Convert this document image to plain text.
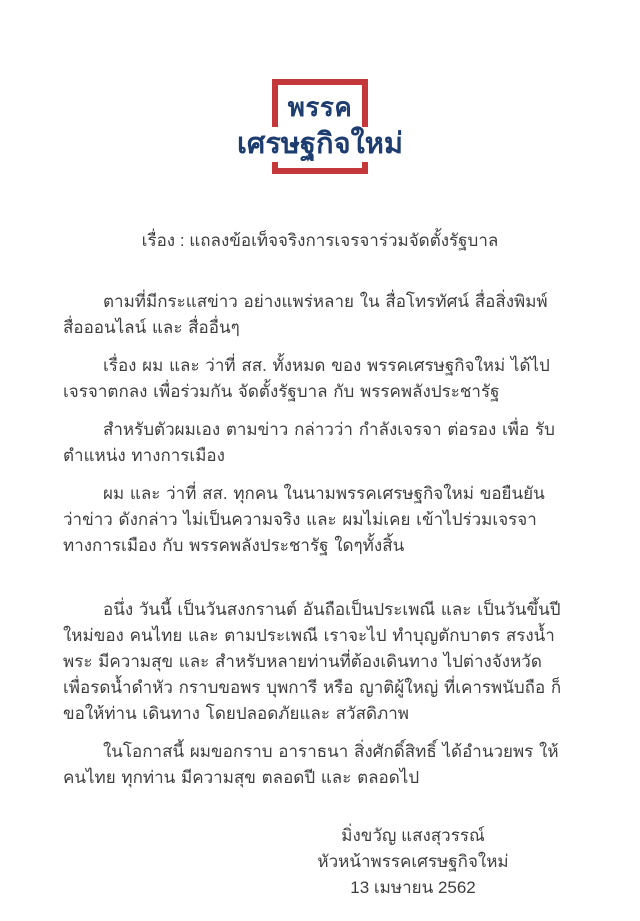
พรรค
เศรษฐกิจใหม่
เรื่อง : แถลงข้อเท็จจริงการเจรจาร่วมจัดตั้งรัฐบาล

ตามที่มีกระแสข่าว อย่างแพร่หลาย ใน สื่อโทรทัศน์ สื่อสิ่งพิมพ์ สื่อออนไลน์ และ สื่ออื่นๆ

เรื่อง ผม และ ว่าที่ สส. ทั้งหมด ของ พรรคเศรษฐกิจใหม่ ได้ไปเจรจาตกลง เพื่อร่วมกัน จัดตั้งรัฐบาล กับ พรรคพลังประชารัฐ

สำหรับตัวผมเอง ตามข่าว กล่าวว่า กำลังเจรจา ต่อรอง เพื่อ รับตำแหน่ง ทางการเมือง

ผม และ ว่าที่ สส. ทุกคน ในนามพรรคเศรษฐกิจใหม่ ขอยืนยัน ว่าข่าว ดังกล่าว ไม่เป็นความจริง และ ผมไม่เคย เข้าไปร่วมเจรจา ทางการเมือง กับ พรรคพลังประชารัฐ ใดๆทั้งสิ้น

อนึ่ง วันนี้ เป็นวันสงกรานต์ อันถือเป็นประเพณี และ เป็นวันขึ้นปีใหม่ของ คนไทย และ ตามประเพณี เราจะไป ทำบุญตักบาตร สรงน้ำพระ มีความสุข และ สำหรับหลายท่านที่ต้องเดินทาง ไปต่างจังหวัด เพื่อรดน้ำดำหัว กราบขอพร บุพการี หรือ ญาติผู้ใหญ่ ที่เคารพนับถือ ก็ขอให้ท่าน เดินทาง โดยปลอดภัยและ สวัสดิภาพ

ในโอกาสนี้ ผมขอกราบ อาราธนา สิ่งศักดิ์สิทธิ์ ได้อำนวยพร ให้คนไทย ทุกท่าน มีความสุข ตลอดปี และ ตลอดไป

มิ่งขวัญ แสงสุวรรณ์
หัวหน้าพรรคเศรษฐกิจใหม่
13 เมษายน 2562
